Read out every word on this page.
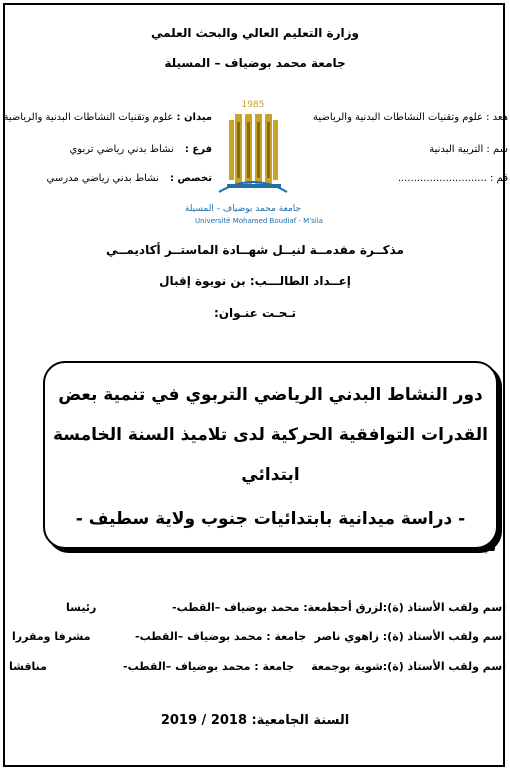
وزارة التعليم العالي والبحث العلمي
جامعة محمد بوضياف – المسيلة
هعد : علوم وتقنيات النشاطات البدنية والرياضية
سم : التربية البدنية
قم : ............................
ميدان : علوم وتقنيات النشاطات البدنية والرياضية
فرع : نشاط بدني رياضي تربوي
تخصص : نشاط بدني رياضي مدرسي
1985
جامعة محمد بوضياف - المسيلة
Université Mohamed Boudiaf - M'sila
مذكــرة مقدمــة لنيــل شهــادة الماستــر أكاديمــي
إعــداد الطالـــب: بن نويوة إقبال
تـحـت عنـوان:
دور النشاط البدني الرياضي التربوي في تنمية بعض
القدرات التوافقية الحركية لدى تلاميذ السنة الخامسة
ابتدائي
- دراسة ميدانية بابتدائيات جنوب ولاية سطيف -
لجـ
اسم ولقب الأستاذ (ة):لزرق أحمد
جامعة: محمد بوضياف –القطب-
رئيسا
اسم ولقب الأستاذ (ة): زاهوي ناصر
جامعة : محمد بوضياف –القطب-
مشرفا ومقررا
اسم ولقب الأستاذ (ة):شوية بوجمعة
جامعة : محمد بوضياف –القطب-
مناقشا
السنة الجامعية: 2018 / 2019
